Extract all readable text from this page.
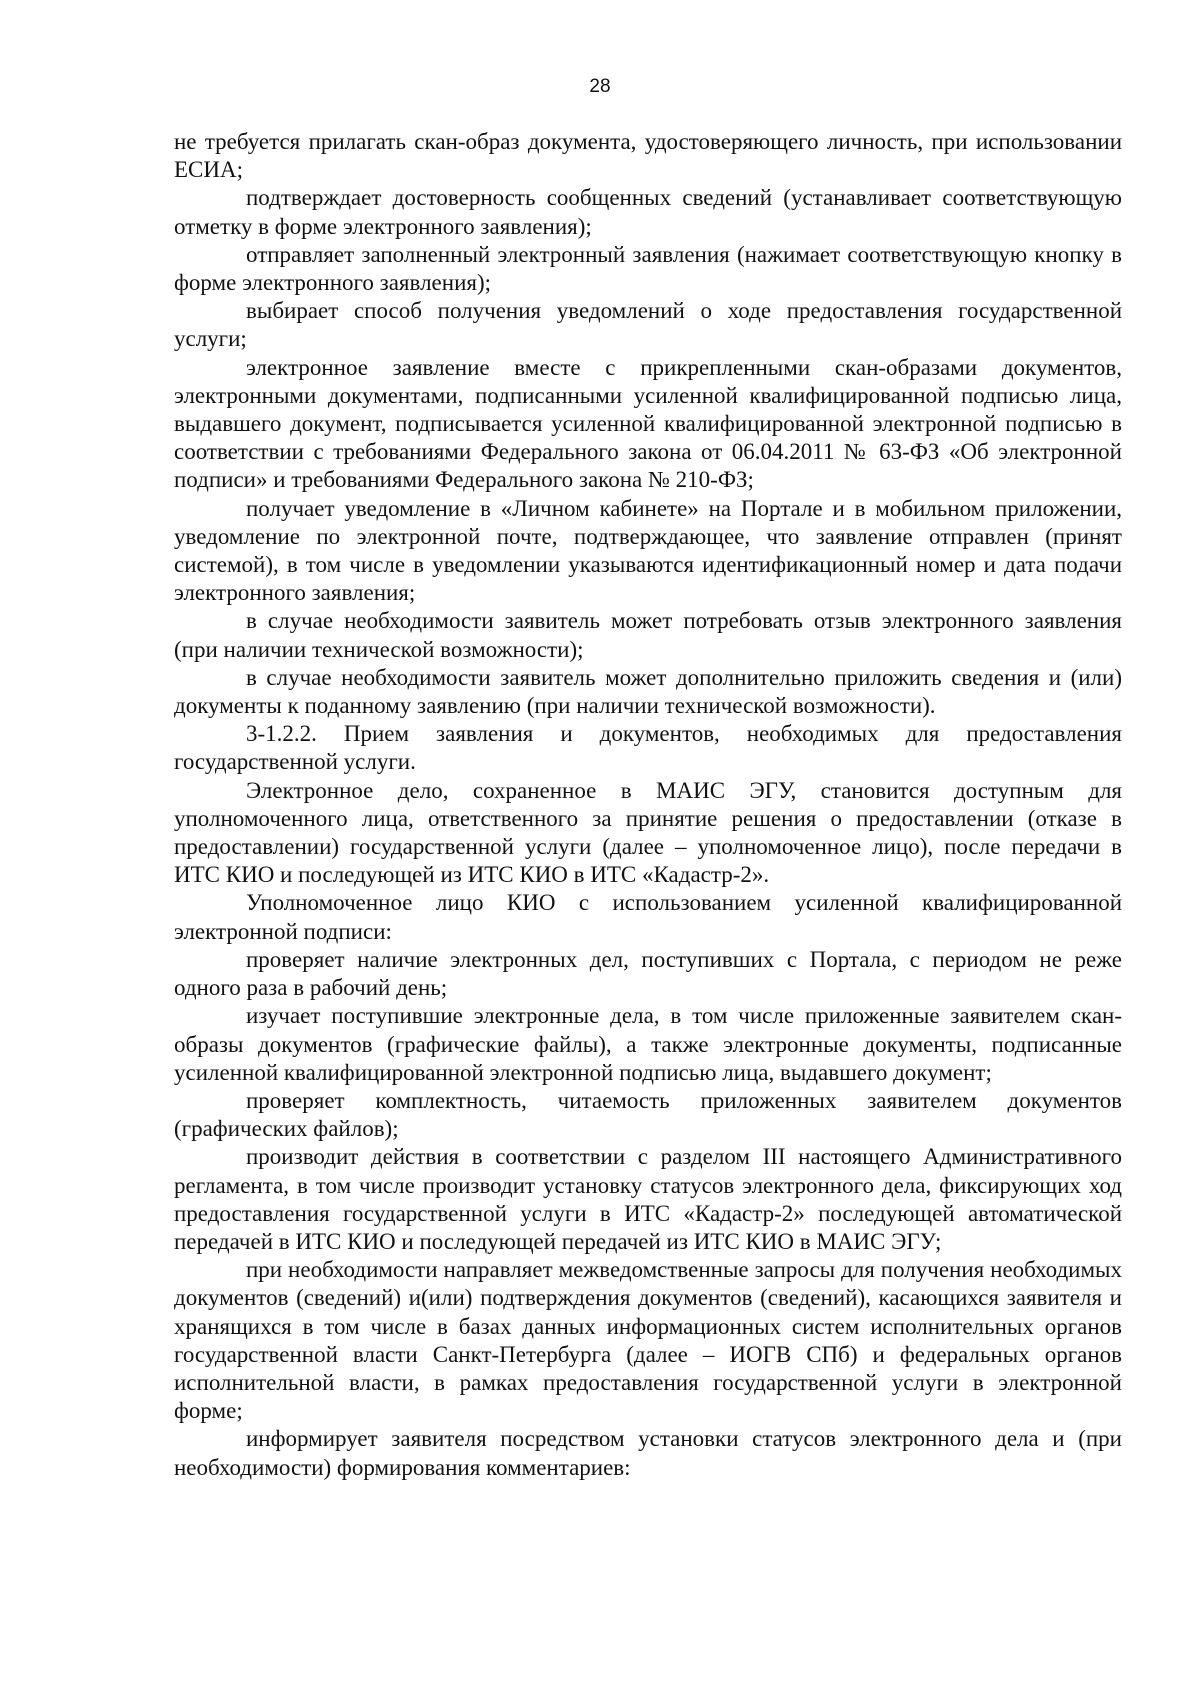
28

не требуется прилагать скан-образ документа, удостоверяющего личность, при использовании ЕСИА;

подтверждает достоверность сообщенных сведений (устанавливает соответствующую отметку в форме электронного заявления);

отправляет заполненный электронный заявления (нажимает соответствующую кнопку в форме электронного заявления);

выбирает способ получения уведомлений о ходе предоставления государственной услуги;

электронное заявление вместе с прикрепленными скан-образами документов, электронными документами, подписанными усиленной квалифицированной подписью лица, выдавшего документ, подписывается усиленной квалифицированной электронной подписью в соответствии с требованиями Федерального закона от 06.04.2011 № 63-ФЗ «Об электронной подписи» и требованиями Федерального закона № 210-ФЗ;

получает уведомление в «Личном кабинете» на Портале и в мобильном приложении, уведомление по электронной почте, подтверждающее, что заявление отправлен (принят системой), в том числе в уведомлении указываются идентификационный номер и дата подачи электронного заявления;

в случае необходимости заявитель может потребовать отзыв электронного заявления (при наличии технической возможности);

в случае необходимости заявитель может дополнительно приложить сведения и (или) документы к поданному заявлению (при наличии технической возможности).

3-1.2.2. Прием заявления и документов, необходимых для предоставления государственной услуги.

Электронное дело, сохраненное в МАИС ЭГУ, становится доступным для уполномоченного лица, ответственного за принятие решения о предоставлении (отказе в предоставлении) государственной услуги (далее – уполномоченное лицо), после передачи в ИТС КИО и последующей из ИТС КИО в ИТС «Кадастр-2».

Уполномоченное лицо КИО с использованием усиленной квалифицированной электронной подписи:

проверяет наличие электронных дел, поступивших с Портала, с периодом не реже одного раза в рабочий день;

изучает поступившие электронные дела, в том числе приложенные заявителем скан-образы документов (графические файлы), а также электронные документы, подписанные усиленной квалифицированной электронной подписью лица, выдавшего документ;

проверяет комплектность, читаемость приложенных заявителем документов (графических файлов);

производит действия в соответствии с разделом III настоящего Административного регламента, в том числе производит установку статусов электронного дела, фиксирующих ход предоставления государственной услуги в ИТС «Кадастр-2» последующей автоматической передачей в ИТС КИО и последующей передачей из ИТС КИО в МАИС ЭГУ;

при необходимости направляет межведомственные запросы для получения необходимых документов (сведений) и(или) подтверждения документов (сведений), касающихся заявителя и хранящихся в том числе в базах данных информационных систем исполнительных органов государственной власти Санкт-Петербурга (далее – ИОГВ СПб) и федеральных органов исполнительной власти, в рамках предоставления государственной услуги в электронной форме;

информирует заявителя посредством установки статусов электронного дела и (при необходимости) формирования комментариев:
